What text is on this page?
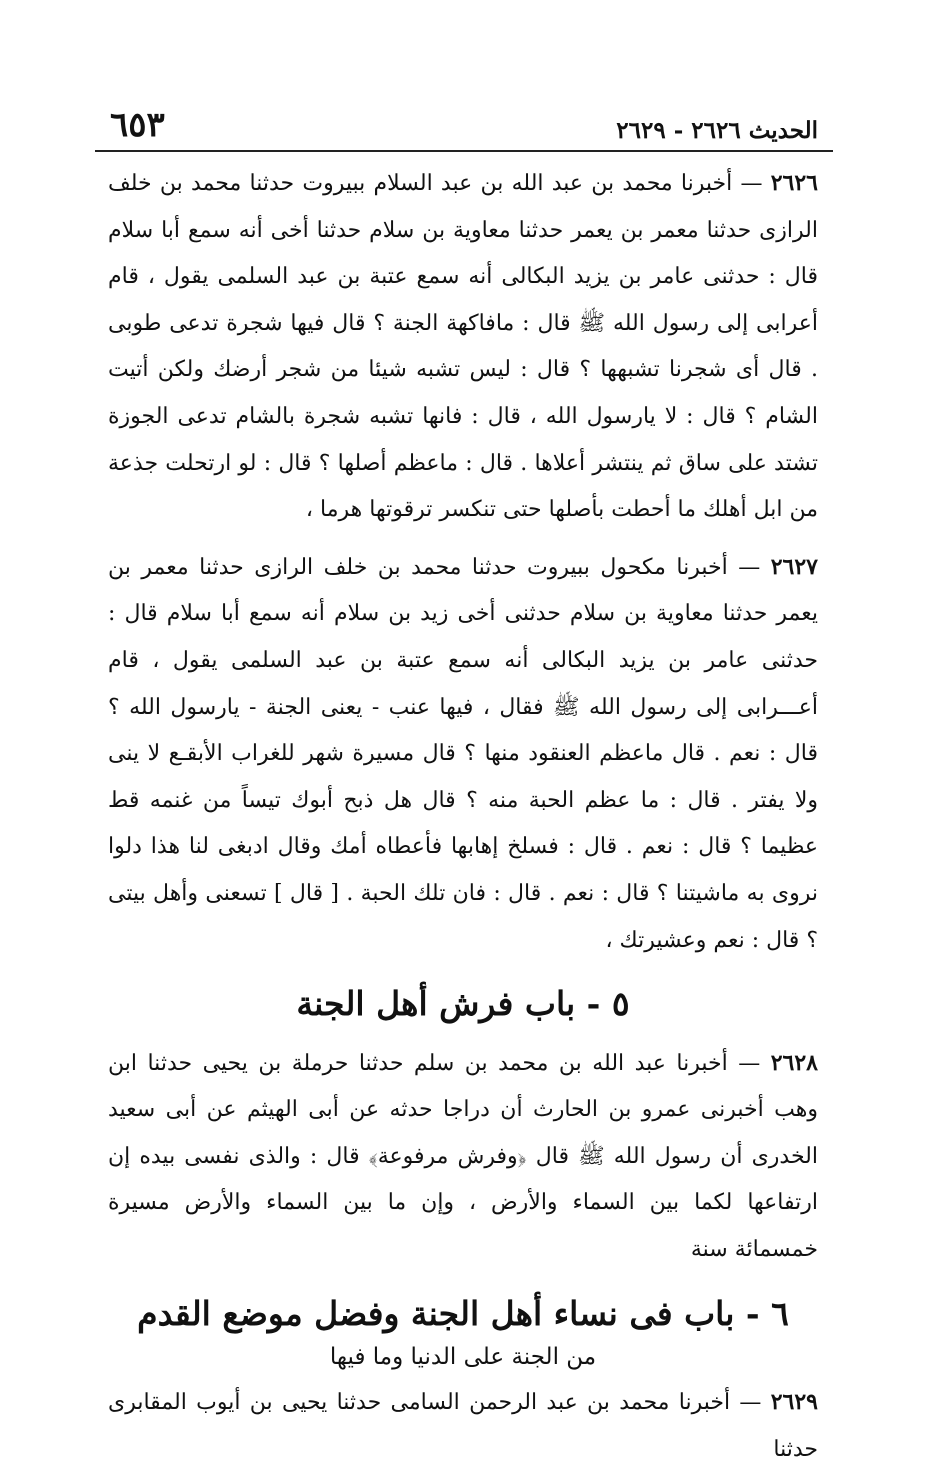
٦٥٣	الحديث ٢٦٢٦ - ٢٦٢٩

٢٦٢٦ — أخبرنا محمد بن عبد الله بن عبد السلام ببيروت حدثنا محمد بن خلف الرازى حدثنا معمر بن يعمر حدثنا معاوية بن سلام حدثنا أخى أنه سمع أبا سلام قال : حدثنى عامر بن يزيد البكالى أنه سمع عتبة بن عبد السلمى يقول ، قام أعرابى إلى رسول الله ﷺ قال : مافاكهة الجنة ؟ قال فيها شجرة تدعى طوبى . قال أى شجرنا تشبهها ؟ قال : ليس تشبه شيئا من شجر أرضك ولكن أتيت الشام ؟ قال : لا يارسول الله ، قال : فانها تشبه شجرة بالشام تدعى الجوزة تشتد على ساق ثم ينتشر أعلاها . قال : ماعظم أصلها ؟ قال : لو ارتحلت جذعة من ابل أهلك ما أحطت بأصلها حتى تنكسر ترقوتها هرما ،

٢٦٢٧ — أخبرنا مكحول ببيروت حدثنا محمد بن خلف الرازى حدثنا معمر بن يعمر حدثنا معاوية بن سلام حدثنى أخى زيد بن سلام أنه سمع أبا سلام قال : حدثنى عامر بن يزيد البكالى أنه سمع عتبة بن عبد السلمى يقول ، قام أعـــرابى إلى رسول الله ﷺ فقال ، فيها عنب - يعنى الجنة - يارسول الله ؟ قال : نعم . قال ماعظم العنقود منها ؟ قال مسيرة شهر للغراب الأبقـع لا ينى ولا يفتر . قال : ما عظم الحبة منه ؟ قال هل ذبح أبوك تيساً من غنمه قط عظيما ؟ قال : نعم . قال : فسلخ إهابها فأعطاه أمك وقال ادبغى لنا هذا دلوا نروى به ماشيتنا ؟ قال : نعم . قال : فان تلك الحبة . [ قال ] تسعنى وأهل بيتى ؟ قال : نعم وعشيرتك ،

٥ - باب فرش أهل الجنة

٢٦٢٨ — أخبرنا عبد الله بن محمد بن سلم حدثنا حرملة بن يحيى حدثنا ابن وهب أخبرنى عمرو بن الحارث أن دراجا حدثه عن أبى الهيثم عن أبى سعيد الخدرى أن رسول الله ﷺ قال ﴿وفرش مرفوعة﴾ قال : والذى نفسى بيده إن ارتفاعها لكما بين السماء والأرض ، وإن ما بين السماء والأرض مسيرة خمسمائة سنة

٦ - باب فى نساء أهل الجنة وفضل موضع القدم
من الجنة على الدنيا وما فيها

٢٦٢٩ — أخبرنا محمد بن عبد الرحمن السامى حدثنا يحيى بن أيوب المقابرى حدثنا
